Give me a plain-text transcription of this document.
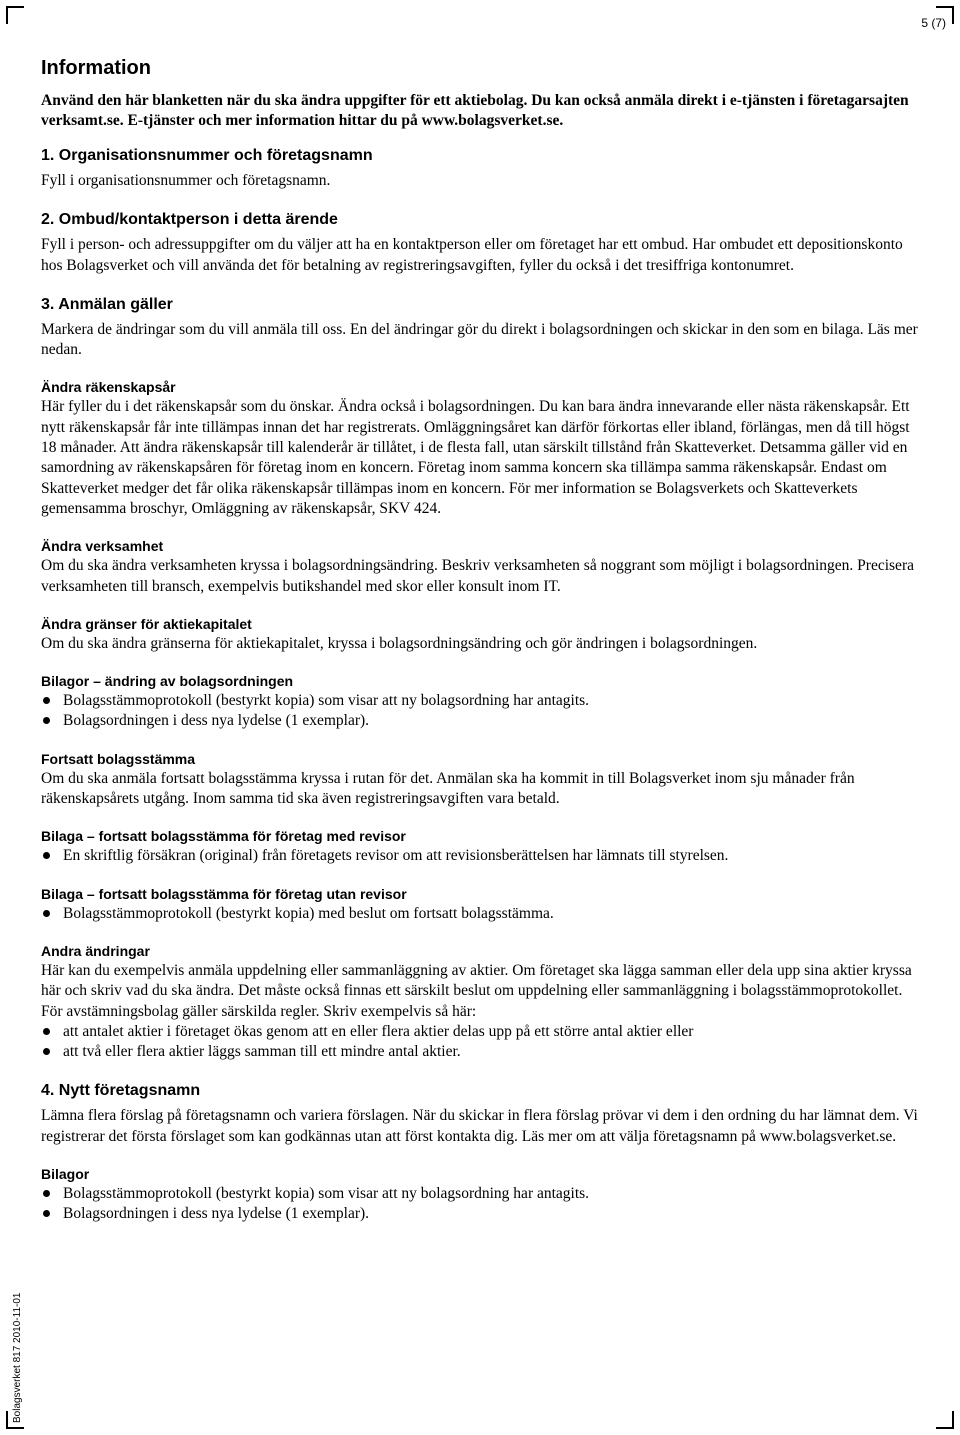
5 (7)
Bolagsverket 817 2010-11-01
Information

Använd den här blanketten när du ska ändra uppgifter för ett aktiebolag. Du kan också anmäla direkt i e-tjänsten i företagarsajten verksamt.se. E-tjänster och mer information hittar du på www.bolagsverket.se.

1. Organisationsnummer och företagsnamn

Fyll i organisationsnummer och företagsnamn.

2. Ombud/kontaktperson i detta ärende

Fyll i person- och adressuppgifter om du väljer att ha en kontaktperson eller om företaget har ett ombud. Har ombudet ett depositionskonto hos Bolagsverket och vill använda det för betalning av registreringsavgiften, fyller du också i det tresiffriga kontonumret.

3. Anmälan gäller

Markera de ändringar som du vill anmäla till oss. En del ändringar gör du direkt i bolagsordningen och skickar in den som en bilaga. Läs mer nedan.

Ändra räkenskapsår

Här fyller du i det räkenskapsår som du önskar. Ändra också i bolagsordningen. Du kan bara ändra innevarande eller nästa räkenskapsår. Ett nytt räkenskapsår får inte tillämpas innan det har registrerats. Omläggningsåret kan därför förkortas eller ibland, förlängas, men då till högst 18 månader. Att ändra räkenskapsår till kalenderår är tillåtet, i de flesta fall, utan särskilt tillstånd från Skatteverket. Detsamma gäller vid en samordning av räkenskapsåren för företag inom en koncern. Företag inom samma koncern ska tillämpa samma räkenskapsår. Endast om Skatteverket medger det får olika räkenskapsår tillämpas inom en koncern. För mer information se Bolagsverkets och Skatteverkets gemensamma broschyr, Omläggning av räkenskapsår, SKV 424.

Ändra verksamhet

Om du ska ändra verksamheten kryssa i bolagsordningsändring. Beskriv verksamheten så noggrant som möjligt i bolagsordningen. Precisera verksamheten till bransch, exempelvis butikshandel med skor eller konsult inom IT.

Ändra gränser för aktiekapitalet

Om du ska ändra gränserna för aktiekapitalet, kryssa i bolagsordningsändring och gör ändringen i bolagsordningen.

Bilagor – ändring av bolagsordningen
Bolagsstämmoprotokoll (bestyrkt kopia) som visar att ny bolagsordning har antagits.
Bolagsordningen i dess nya lydelse (1 exemplar).
Fortsatt bolagsstämma

Om du ska anmäla fortsatt bolagsstämma kryssa i rutan för det. Anmälan ska ha kommit in till Bolagsverket inom sju månader från räkenskapsårets utgång. Inom samma tid ska även registreringsavgiften vara betald.

Bilaga – fortsatt bolagsstämma för företag med revisor
En skriftlig försäkran (original) från företagets revisor om att revisionsberättelsen har lämnats till styrelsen.
Bilaga – fortsatt bolagsstämma för företag utan revisor
Bolagsstämmoprotokoll (bestyrkt kopia) med beslut om fortsatt bolagsstämma.
Andra ändringar

Här kan du exempelvis anmäla uppdelning eller sammanläggning av aktier. Om företaget ska lägga samman eller dela upp sina aktier kryssa här och skriv vad du ska ändra. Det måste också finnas ett särskilt beslut om uppdelning eller sammanläggning i bolagsstämmoprotokollet. För avstämningsbolag gäller särskilda regler. Skriv exempelvis så här:

att antalet aktier i företaget ökas genom att en eller flera aktier delas upp på ett större antal aktier eller
att två eller flera aktier läggs samman till ett mindre antal aktier.
4. Nytt företagsnamn

Lämna flera förslag på företagsnamn och variera förslagen. När du skickar in flera förslag prövar vi dem i den ordning du har lämnat dem. Vi registrerar det första förslaget som kan godkännas utan att först kontakta dig. Läs mer om att välja företagsnamn på www.bolagsverket.se.

Bilagor
Bolagsstämmoprotokoll (bestyrkt kopia) som visar att ny bolagsordning har antagits.
Bolagsordningen i dess nya lydelse (1 exemplar).
